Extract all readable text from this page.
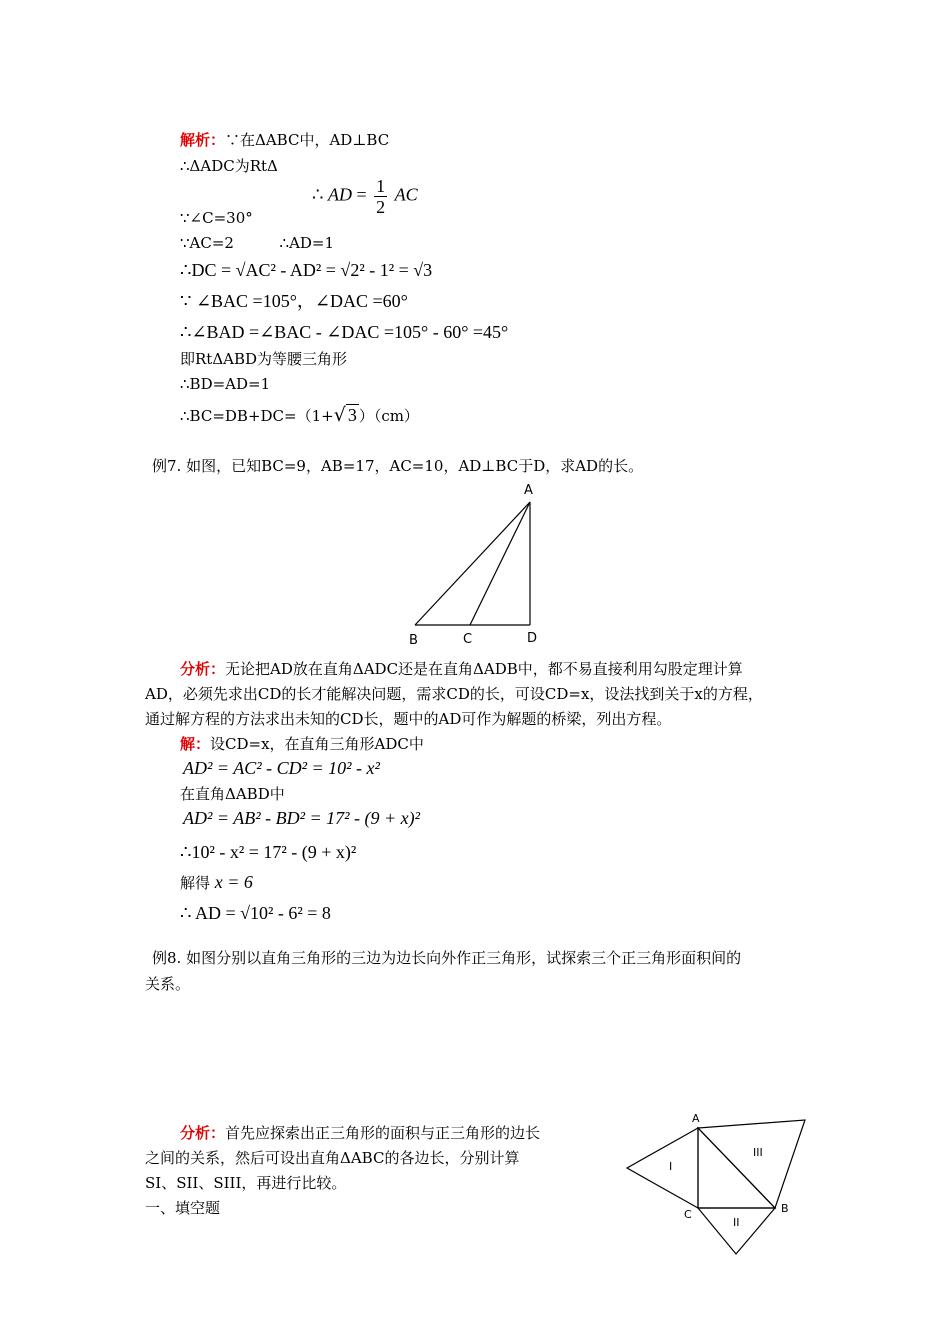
解析：∵在ΔABC中，AD⊥BC
∴ΔADC为RtΔ
∴ AD = $\frac{1}{2}$ AC
∵∠C=30°
∵AC=2	∴AD=1
∴DC = √AC² - AD² = √2² - 1² = √3
∵ ∠BAC =105°，∠DAC =60°
∴∠BAD =∠BAC - ∠DAC =105° - 60° =45°
即RtΔABD为等腰三角形
∴BD=AD=1
∴BC=DB+DC=（1+√ 3 ）（cm）
例7. 如图，已知BC=9，AB=17，AC=10，AD⊥BC于D，求AD的长。
A
B	C	D
分析：无论把AD放在直角ΔADC还是在直角ΔADB中，都不易直接利用勾股定理计算
AD，必须先求出CD的长才能解决问题，需求CD的长，可设CD=x，设法找到关于x的方程，
通过解方程的方法求出未知的CD长，题中的AD可作为解题的桥梁，列出方程。
解：设CD=x，在直角三角形ADC中
AD² = AC² - CD² = 10² - x²
在直角ΔABD中
AD² = AB² - BD² = 17² - (9 + x)²
∴10² - x² = 17² - (9 + x)²
解得 x = 6
∴ AD = √10² - 6² = 8
例8. 如图分别以直角三角形的三边为边长向外作正三角形，试探索三个正三角形面积间的
关系。
分析：首先应探索出正三角形的面积与正三角形的边长
之间的关系，然后可设出直角ΔABC的各边长，分别计算
SI、SII、SIII，再进行比较。
一、填空题
A
B
C
I
II
III
